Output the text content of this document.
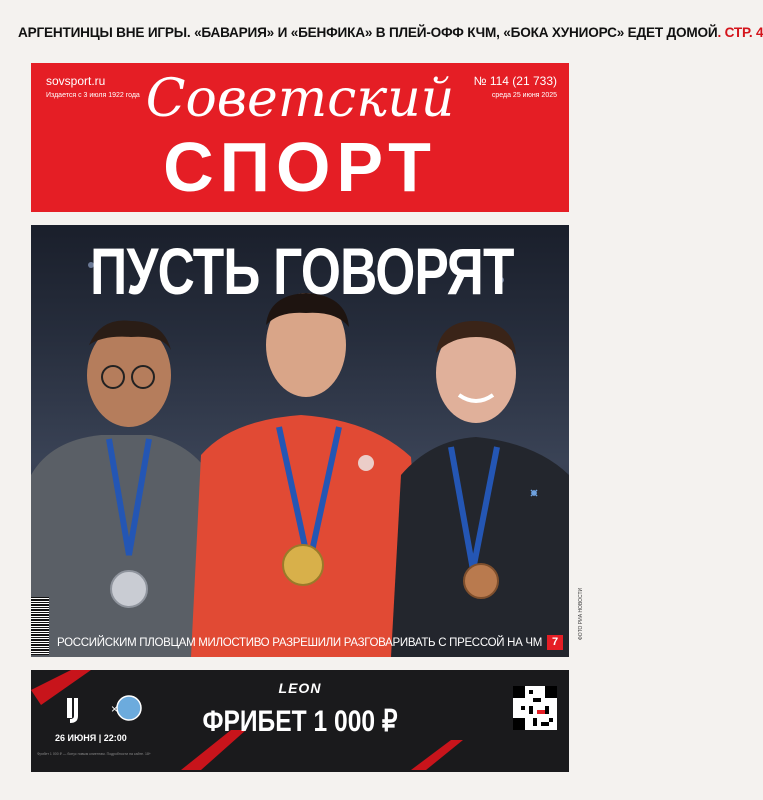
АРГЕНТИНЦЫ ВНЕ ИГРЫ. «БАВАРИЯ» И «БЕНФИКА» В ПЛЕЙ-ОФФ КЧМ, «БОКА ХУНИОРС» ЕДЕТ ДОМОЙ. СТР. 4
sovsport.ru
Издается с 3 июля 1922 года
№ 114 (21 733)
среда 25 июня 2025
Советский
СПОРТ
ПУСТЬ ГОВОРЯТ
РОССИЙСКИМ ПЛОВЦАМ МИЛОСТИВО РАЗРЕШИЛИ РАЗГОВАРИВАТЬ С ПРЕССОЙ НА ЧМ 7
ФОТО РИА НОВОСТИ
×
LEON
ФРИБЕТ 1 000 ₽
26 ИЮНЯ | 22:00
Фрибет 1 000 ₽ — бонус новым клиентам. Подробности на сайте. 18+
